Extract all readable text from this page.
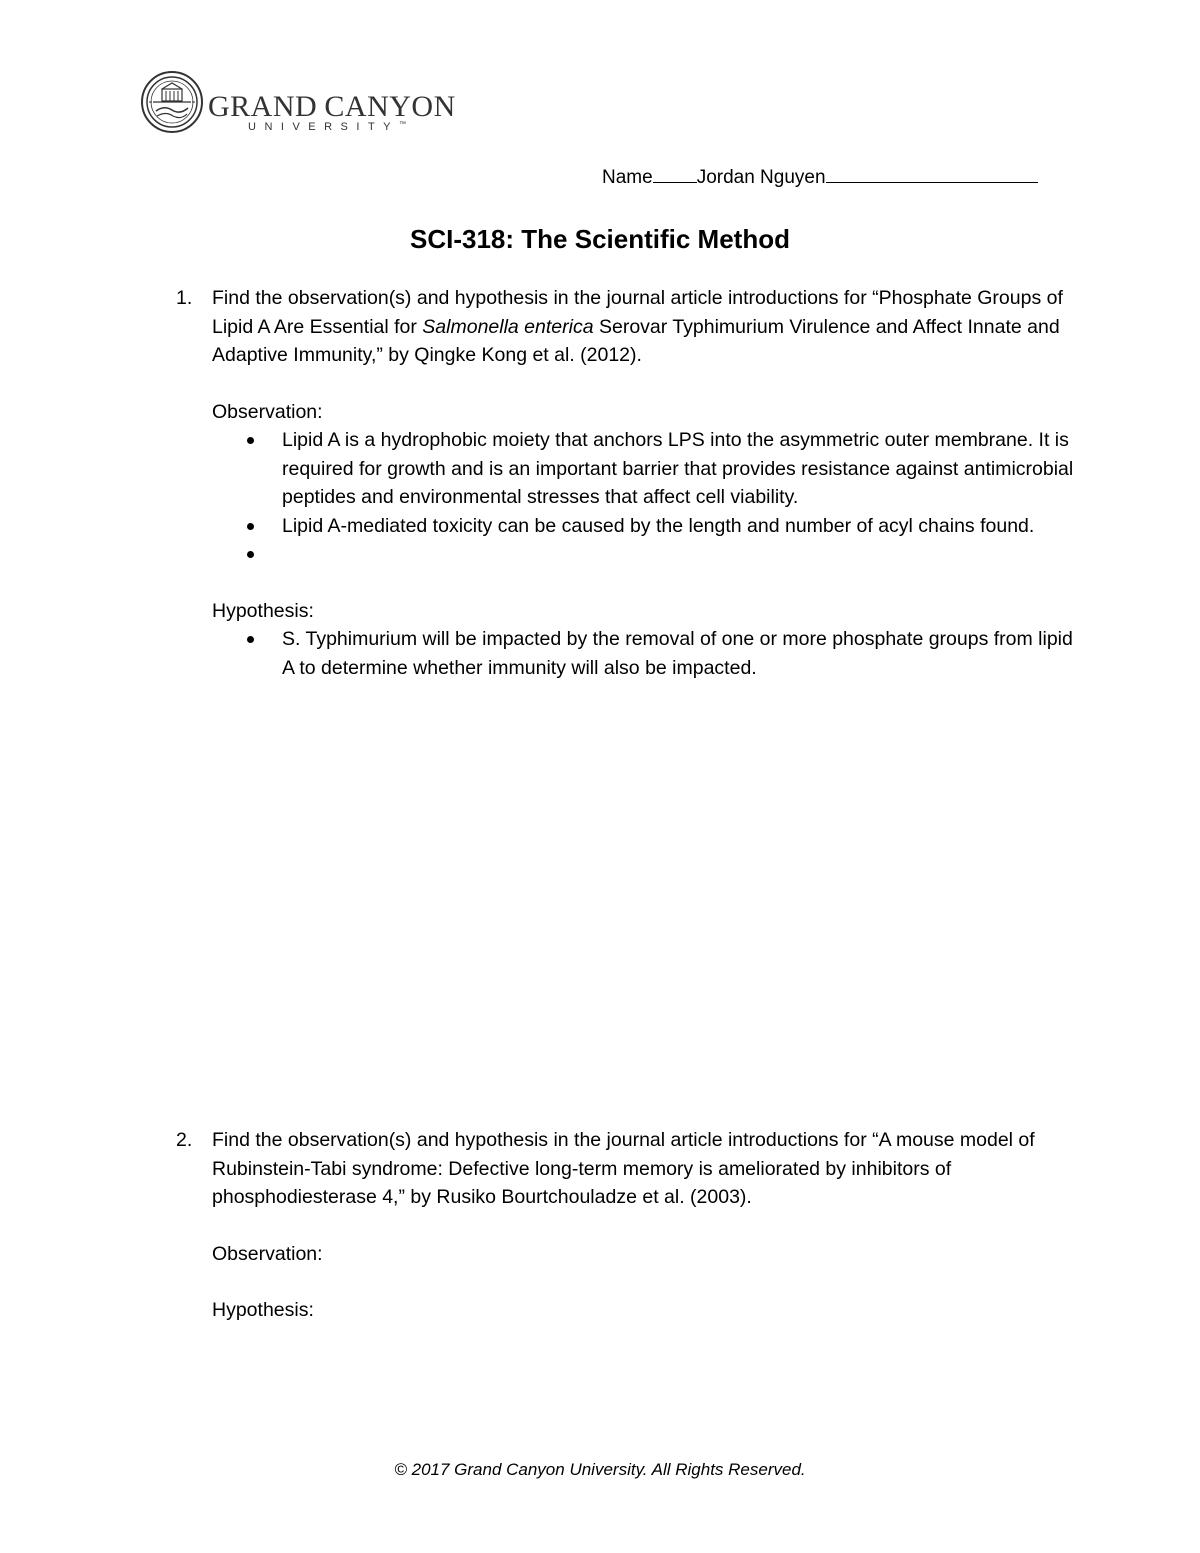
GRAND CANYON
UNIVERSITY™
Name Jordan Nguyen
SCI-318: The Scientific Method
1. Find the observation(s) and hypothesis in the journal article introductions for “Phosphate Groups of Lipid A Are Essential for Salmonella enterica Serovar Typhimurium Virulence and Affect Innate and Adaptive Immunity,” by Qingke Kong et al. (2012).

Observation:
Lipid A is a hydrophobic moiety that anchors LPS into the asymmetric outer membrane. It is required for growth and is an important barrier that provides resistance against antimicrobial peptides and environmental stresses that affect cell viability.
Lipid A-mediated toxicity can be caused by the length and number of acyl chains found.
Hypothesis:
S. Typhimurium will be impacted by the removal of one or more phosphate groups from lipid A to determine whether immunity will also be impacted.
2. Find the observation(s) and hypothesis in the journal article introductions for “A mouse model of Rubinstein-Tabi syndrome: Defective long-term memory is ameliorated by inhibitors of phosphodiesterase 4,” by Rusiko Bourtchouladze et al. (2003).

Observation:
Hypothesis:
© 2017 Grand Canyon University. All Rights Reserved.
